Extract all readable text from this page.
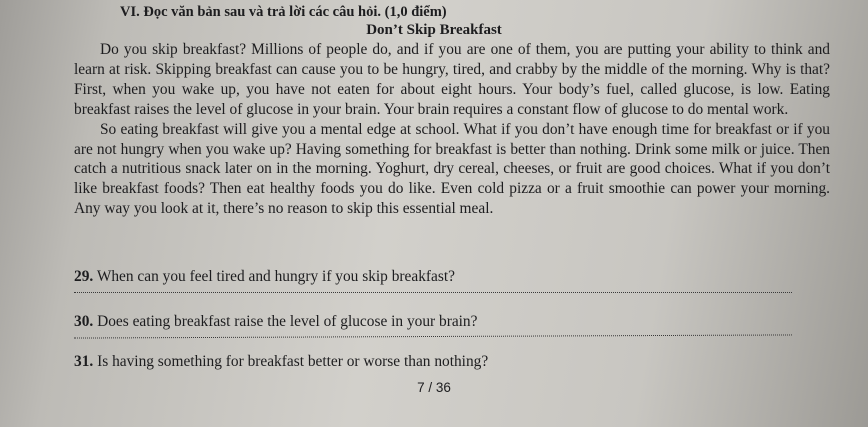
VI. Đọc văn bản sau và trả lời các câu hỏi. (1,0 điểm)
Don’t Skip Breakfast

Do you skip breakfast? Millions of people do, and if you are one of them, you are putting your ability to think and learn at risk. Skipping breakfast can cause you to be hungry, tired, and crabby by the middle of the morning. Why is that? First, when you wake up, you have not eaten for about eight hours. Your body’s fuel, called glucose, is low. Eating breakfast raises the level of glucose in your brain. Your brain requires a constant flow of glucose to do mental work.

So eating breakfast will give you a mental edge at school. What if you don’t have enough time for breakfast or if you are not hungry when you wake up? Having something for breakfast is better than nothing. Drink some milk or juice. Then catch a nutritious snack later on in the morning. Yoghurt, dry cereal, cheeses, or fruit are good choices. What if you don’t like breakfast foods? Then eat healthy foods you do like. Even cold pizza or a fruit smoothie can power your morning. Any way you look at it, there’s no reason to skip this essential meal.

29. When can you feel tired and hungry if you skip breakfast?
30. Does eating breakfast raise the level of glucose in your brain?
31. Is having something for breakfast better or worse than nothing?
7 / 36
